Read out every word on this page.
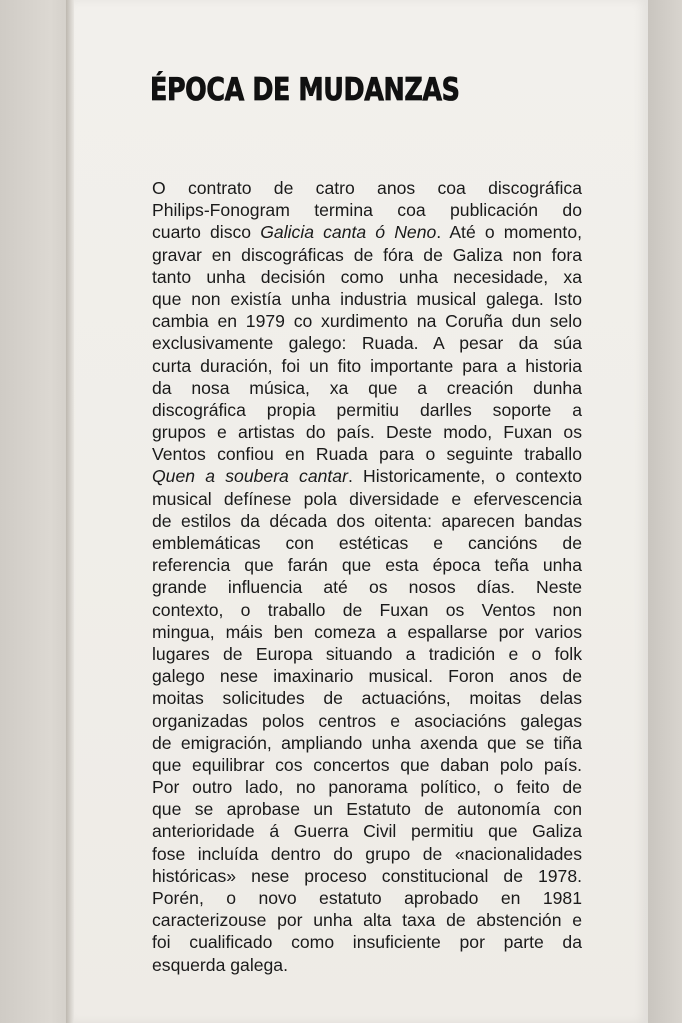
ÉPOCA DE MUDANZAS
O contrato de catro anos coa discográfica
Philips-Fonogram termina coa publicación do
cuarto disco Galicia canta ó Neno. Até o momento,
gravar en discográficas de fóra de Galiza non fora
tanto unha decisión como unha necesidade, xa
que non existía unha industria musical galega. Isto
cambia en 1979 co xurdimento na Coruña dun selo
exclusivamente galego: Ruada. A pesar da súa
curta duración, foi un fito importante para a historia
da nosa música, xa que a creación dunha
discográfica propia permitiu darlles soporte a
grupos e artistas do país. Deste modo, Fuxan os
Ventos confiou en Ruada para o seguinte traballo
Quen a soubera cantar. Historicamente, o contexto
musical defínese pola diversidade e efervescencia
de estilos da década dos oitenta: aparecen bandas
emblemáticas con estéticas e cancións de
referencia que farán que esta época teña unha
grande influencia até os nosos días. Neste
contexto, o traballo de Fuxan os Ventos non
mingua, máis ben comeza a espallarse por varios
lugares de Europa situando a tradición e o folk
galego nese imaxinario musical. Foron anos de
moitas solicitudes de actuacións, moitas delas
organizadas polos centros e asociacións galegas
de emigración, ampliando unha axenda que se tiña
que equilibrar cos concertos que daban polo país.
Por outro lado, no panorama político, o feito de
que se aprobase un Estatuto de autonomía con
anterioridade á Guerra Civil permitiu que Galiza
fose incluída dentro do grupo de «nacionalidades
históricas» nese proceso constitucional de 1978.
Porén, o novo estatuto aprobado en 1981
caracterizouse por unha alta taxa de abstención e
foi cualificado como insuficiente por parte da
esquerda galega.
